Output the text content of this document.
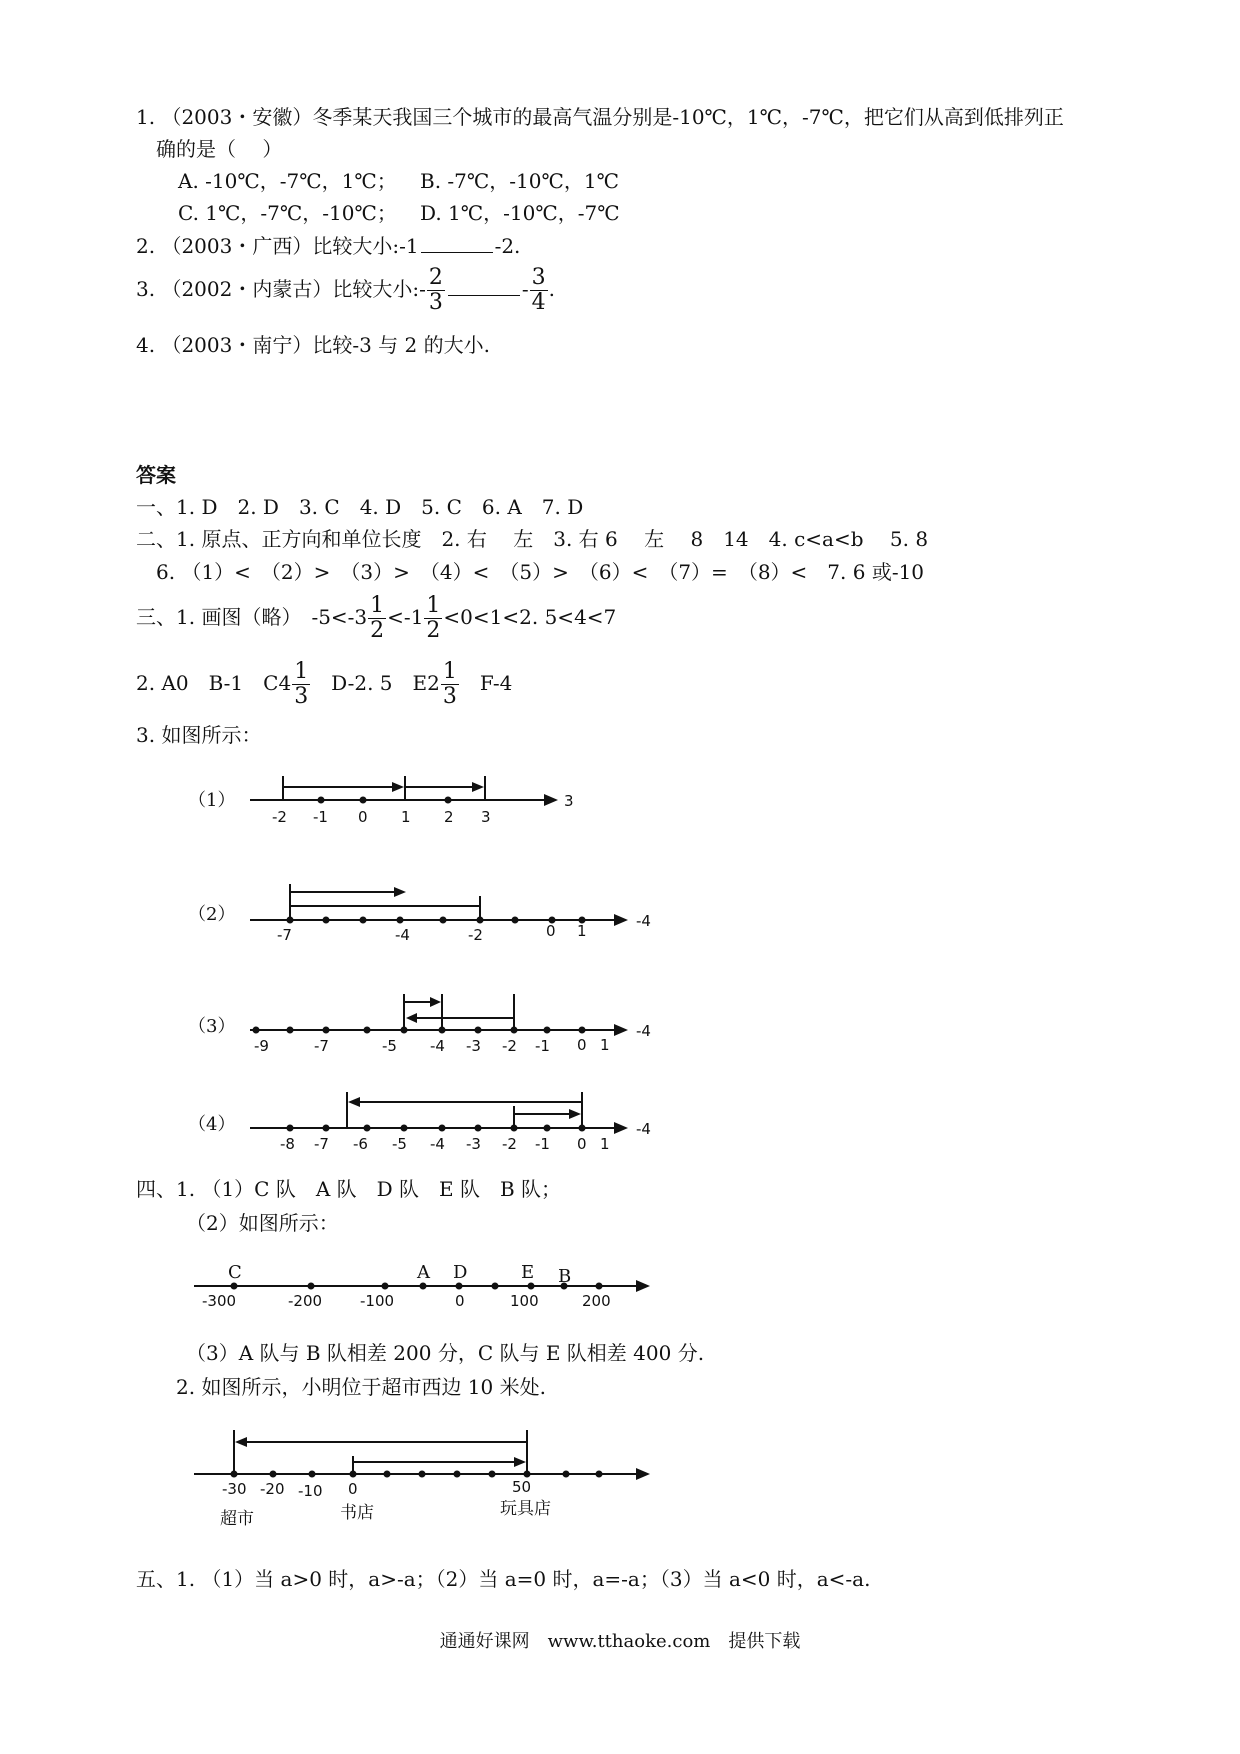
1. （2003・安徽）冬季某天我国三个城市的最高气温分别是-10℃，1℃，-7℃，把它们从高到低排列正
确的是（　 ）
A. -10℃，-7℃，1℃； B. -7℃，-10℃，1℃
C. 1℃，-7℃，-10℃； D. 1℃，-10℃，-7℃
2. （2003・广西）比较大小:-1	-2.
3. （2002・内蒙古）比较大小:- $\frac{2}{3}$	- $\frac{3}{4}$ .
4. （2003・南宁）比较-3 与 2 的大小.
答案
一、1. D　2. D　3. C　4. D　5. C　6. A　7. D
二、1. 原点、正方向和单位长度　2. 右　 左　3. 右 6　 左　 8　14　4. c<a<b　 5. 8
6. （1）<　（2）>　（3）>　（4）<　（5）>　（6）<　（7）=　（8）<　7. 6 或-10
三、1. 画图（略）　$-5<-3 \frac{1}{2} <-1 \frac{1}{2} <0<1<2$. 5<4<7
2. A0　B-1　$C4 \frac{1}{3}$ 　D-2. 5　$E2 \frac{1}{3}$ 　F-4
3. 如图所示：
（1）	3
-2 -1 0 1 2 3
（2）	-4
-7	-4	-2	0 1
（3）	-4
-9	-7	-5 -4 -3 -2 -1 0 1
（4）	-4
-8 -7 -6 -5 -4 -3 -2 -1 0 1
四、1. （1）C 队　A 队　D 队　E 队　B 队；
（2）如图所示：
C	A D	E B
-300	-200	-100	0	100	200
（3）A 队与 B 队相差 200 分，C 队与 E 队相差 400 分.
2. 如图所示，小明位于超市西边 10 米处.
-30 -20 -10 0	50
超市	书店	玩具店
五、1. （1）当 a>0 时，a>-a；（2）当 a=0 时，a=-a；（3）当 a<0 时，a<-a.
通通好课网　www.tthaoke.com　提供下载
